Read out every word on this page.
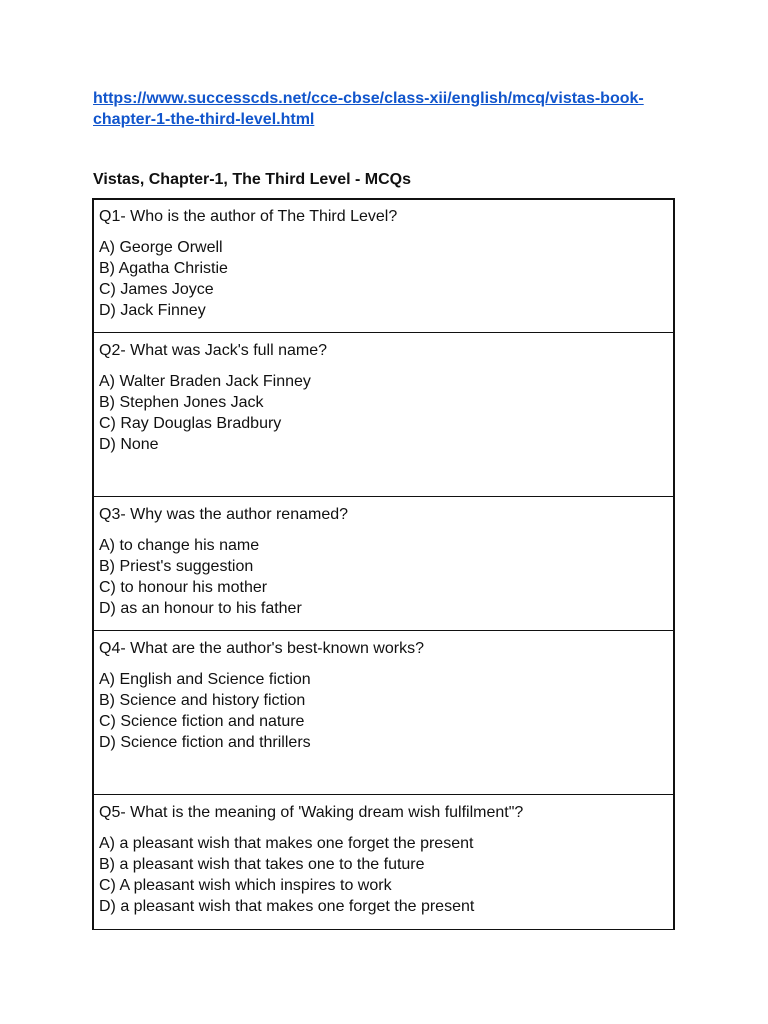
https://www.successcds.net/cce-cbse/class-xii/english/mcq/vistas-book-
chapter-1-the-third-level.html
Vistas, Chapter-1, The Third Level - MCQs
Q1- Who is the author of The Third Level?
A) George Orwell
B) Agatha Christie
C) James Joyce
D) Jack Finney
Q2- What was Jack's full name?
A) Walter Braden Jack Finney
B) Stephen Jones Jack
C) Ray Douglas Bradbury
D) None
Q3- Why was the author renamed?
A) to change his name
B) Priest's suggestion
C) to honour his mother
D) as an honour to his father
Q4- What are the author's best-known works?
A) English and Science fiction
B) Science and history fiction
C) Science fiction and nature
D) Science fiction and thrillers
Q5- What is the meaning of 'Waking dream wish fulfilment"?
A) a pleasant wish that makes one forget the present
B) a pleasant wish that takes one to the future
C) A pleasant wish which inspires to work
D) a pleasant wish that makes one forget the present
